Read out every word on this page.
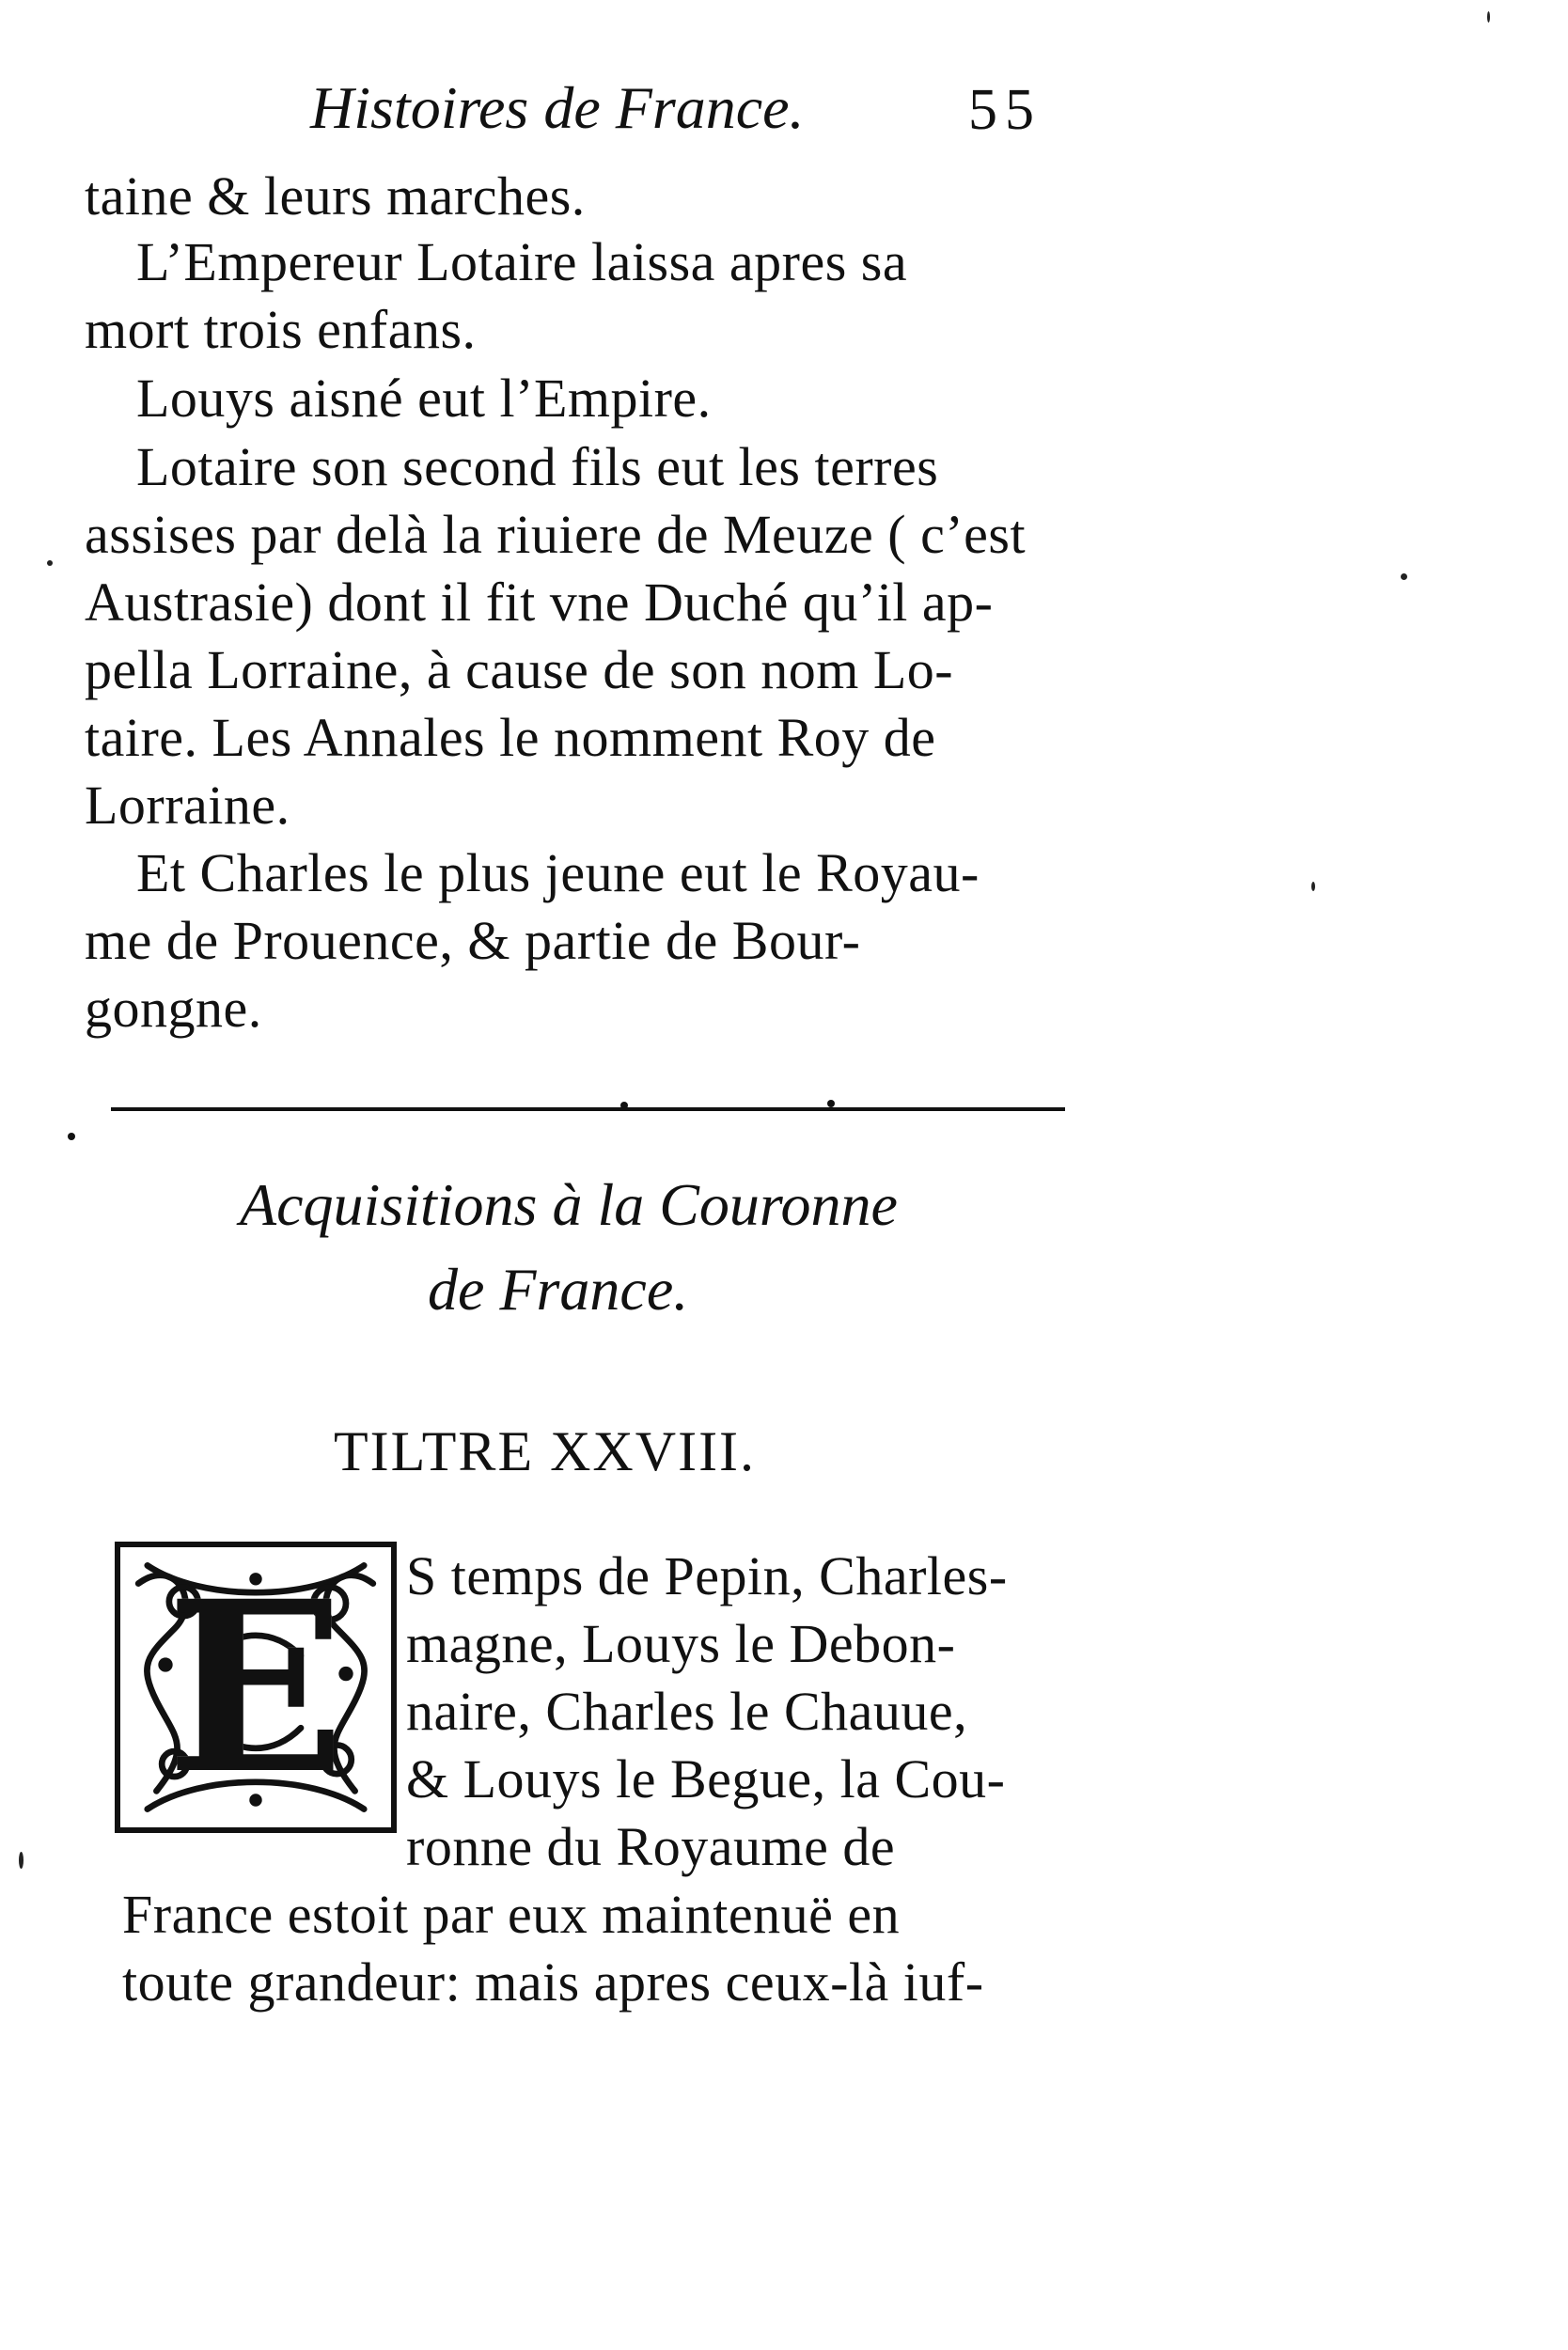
Histoires de France.	55
taine & leurs marches.
L’Empereur Lotaire laissa apres sa
mort trois enfans.
Louys aisné eut l’Empire.
Lotaire son second fils eut les terres
assises par delà la riuiere de Meuze ( c’est
Austrasie) dont il fit vne Duché qu’il ap-
pella Lorraine, à cause de son nom Lo-
taire. Les Annales le nomment Roy de
Lorraine.
Et Charles le plus jeune eut le Royau-
me de Prouence, & partie de Bour-
gongne.
Acquisitions à la Couronne
de France.
TILTRE XXVIII.
E	S temps de Pepin, Charles-
magne, Louys le Debon-
naire, Charles le Chauue,
& Louys le Begue, la Cou-
ronne du Royaume de
France estoit par eux maintenuë en
toute grandeur: mais apres ceux-là iuf-
